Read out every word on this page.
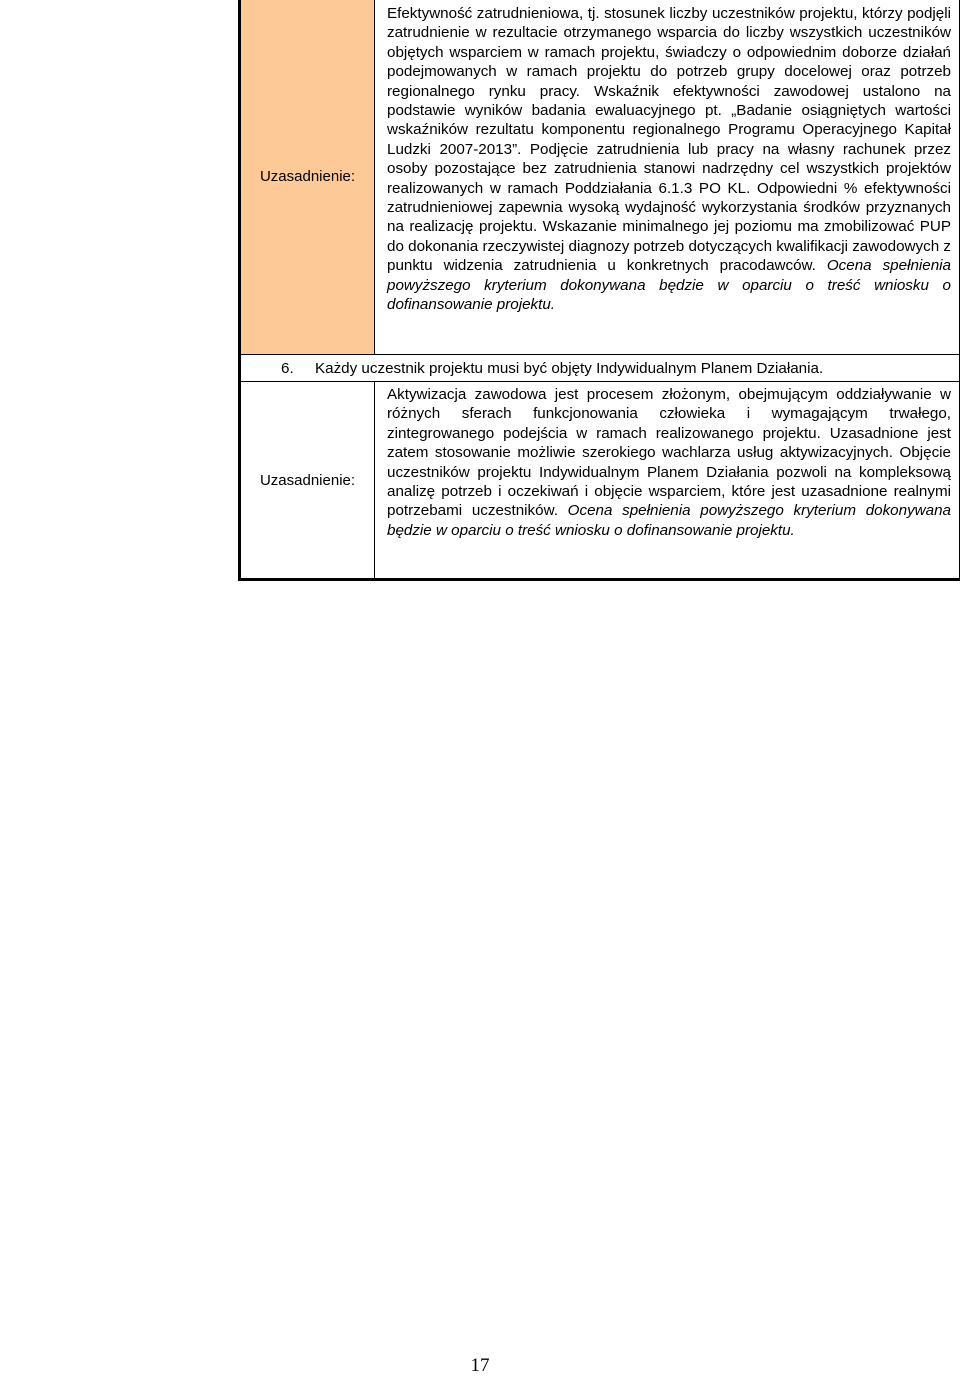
Uzasadnienie:
Efektywność zatrudnieniowa, tj. stosunek liczby uczestników projektu, którzy podjęli zatrudnienie w rezultacie otrzymanego wsparcia do liczby wszystkich uczestników objętych wsparciem w ramach projektu, świadczy o odpowiednim doborze działań podejmowanych w ramach projektu do potrzeb grupy docelowej oraz potrzeb regionalnego rynku pracy. Wskaźnik efektywności zawodowej ustalono na podstawie wyników badania ewaluacyjnego pt. „Badanie osiągniętych wartości wskaźników rezultatu komponentu regionalnego Programu Operacyjnego Kapitał Ludzki 2007-2013”. Podjęcie zatrudnienia lub pracy na własny rachunek przez osoby pozostające bez zatrudnienia stanowi nadrzędny cel wszystkich projektów realizowanych w ramach Poddziałania 6.1.3 PO KL. Odpowiedni % efektywności zatrudnieniowej zapewnia wysoką wydajność wykorzystania środków przyznanych na realizację projektu. Wskazanie minimalnego jej poziomu ma zmobilizować PUP do dokonania rzeczywistej diagnozy potrzeb dotyczących kwalifikacji zawodowych z punktu widzenia zatrudnienia u konkretnych pracodawców. Ocena spełnienia powyższego kryterium dokonywana będzie w oparciu o treść wniosku o dofinansowanie projektu.
6. Każdy uczestnik projektu musi być objęty Indywidualnym Planem Działania.
Uzasadnienie:
Aktywizacja zawodowa jest procesem złożonym, obejmującym oddziaływanie w różnych sferach funkcjonowania człowieka i wymagającym trwałego, zintegrowanego podejścia w ramach realizowanego projektu. Uzasadnione jest zatem stosowanie możliwie szerokiego wachlarza usług aktywizacyjnych. Objęcie uczestników projektu Indywidualnym Planem Działania pozwoli na kompleksową analizę potrzeb i oczekiwań i objęcie wsparciem, które jest uzasadnione realnymi potrzebami uczestników. Ocena spełnienia powyższego kryterium dokonywana będzie w oparciu o treść wniosku o dofinansowanie projektu.
17
